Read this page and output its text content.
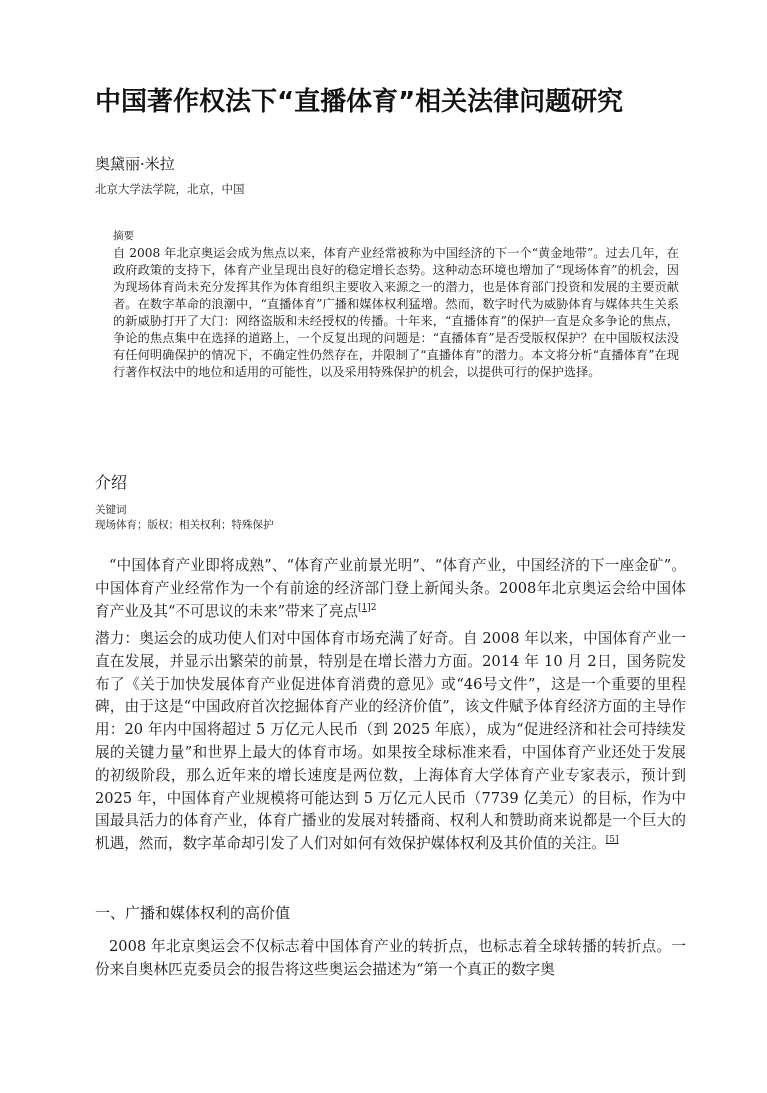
中国著作权法下“直播体育”相关法律问题研究

奥黛丽·米拉

北京大学法学院，北京，中国

摘要

自 2008 年北京奥运会成为焦点以来，体育产业经常被称为中国经济的下一个“黄金地带”。过去几年，在政府政策的支持下，体育产业呈现出良好的稳定增长态势。这种动态环境也增加了“现场体育”的机会，因为现场体育尚未充分发挥其作为体育组织主要收入来源之一的潜力，也是体育部门投资和发展的主要贡献者。在数字革命的浪潮中，“直播体育”广播和媒体权利猛增。然而，数字时代为威胁体育与媒体共生关系的新威胁打开了大门：网络盗版和未经授权的传播。十年来，“直播体育”的保护一直是众多争论的焦点，争论的焦点集中在选择的道路上，一个反复出现的问题是：“直播体育”是否受版权保护？在中国版权法没有任何明确保护的情况下，不确定性仍然存在，并限制了“直播体育”的潜力。本文将分析“直播体育”在现行著作权法中的地位和适用的可能性，以及采用特殊保护的机会，以提供可行的保护选择。

介绍

关键词

现场体育；版权；相关权利；特殊保护

“中国体育产业即将成熟”、“体育产业前景光明”、“体育产业，中国经济的下一座金矿”。中国体育产业经常作为一个有前途的经济部门登上新闻头条。2008年北京奥运会给中国体育产业及其“不可思议的未来”带来了亮点$^{[1]2}$

潜力：奥运会的成功使人们对中国体育市场充满了好奇。自 2008 年以来，中国体育产业一直在发展，并显示出繁荣的前景，特别是在增长潜力方面。2014 年 10 月 2日，国务院发布了《关于加快发展体育产业促进体育消费的意见》或“46号文件”，这是一个重要的里程碑，由于这是“中国政府首次挖掘体育产业的经济价值”，该文件赋予体育经济方面的主导作用：20 年内中国将超过 5 万亿元人民币（到 2025 年底），成为“促进经济和社会可持续发展的关键力量”和世界上最大的体育市场。如果按全球标准来看，中国体育产业还处于发展的初级阶段，那么近年来的增长速度是两位数，上海体育大学体育产业专家表示，预计到 2025 年，中国体育产业规模将可能达到 5 万亿元人民币（7739 亿美元）的目标，作为中国最具活力的体育产业，体育广播业的发展对转播商、权利人和赞助商来说都是一个巨大的机遇，然而，数字革命却引发了人们对如何有效保护媒体权利及其价值的关注。[5]

一、广播和媒体权利的高价值

2008 年北京奥运会不仅标志着中国体育产业的转折点，也标志着全球转播的转折点。一份来自奥林匹克委员会的报告将这些奥运会描述为“第一个真正的数字奥
